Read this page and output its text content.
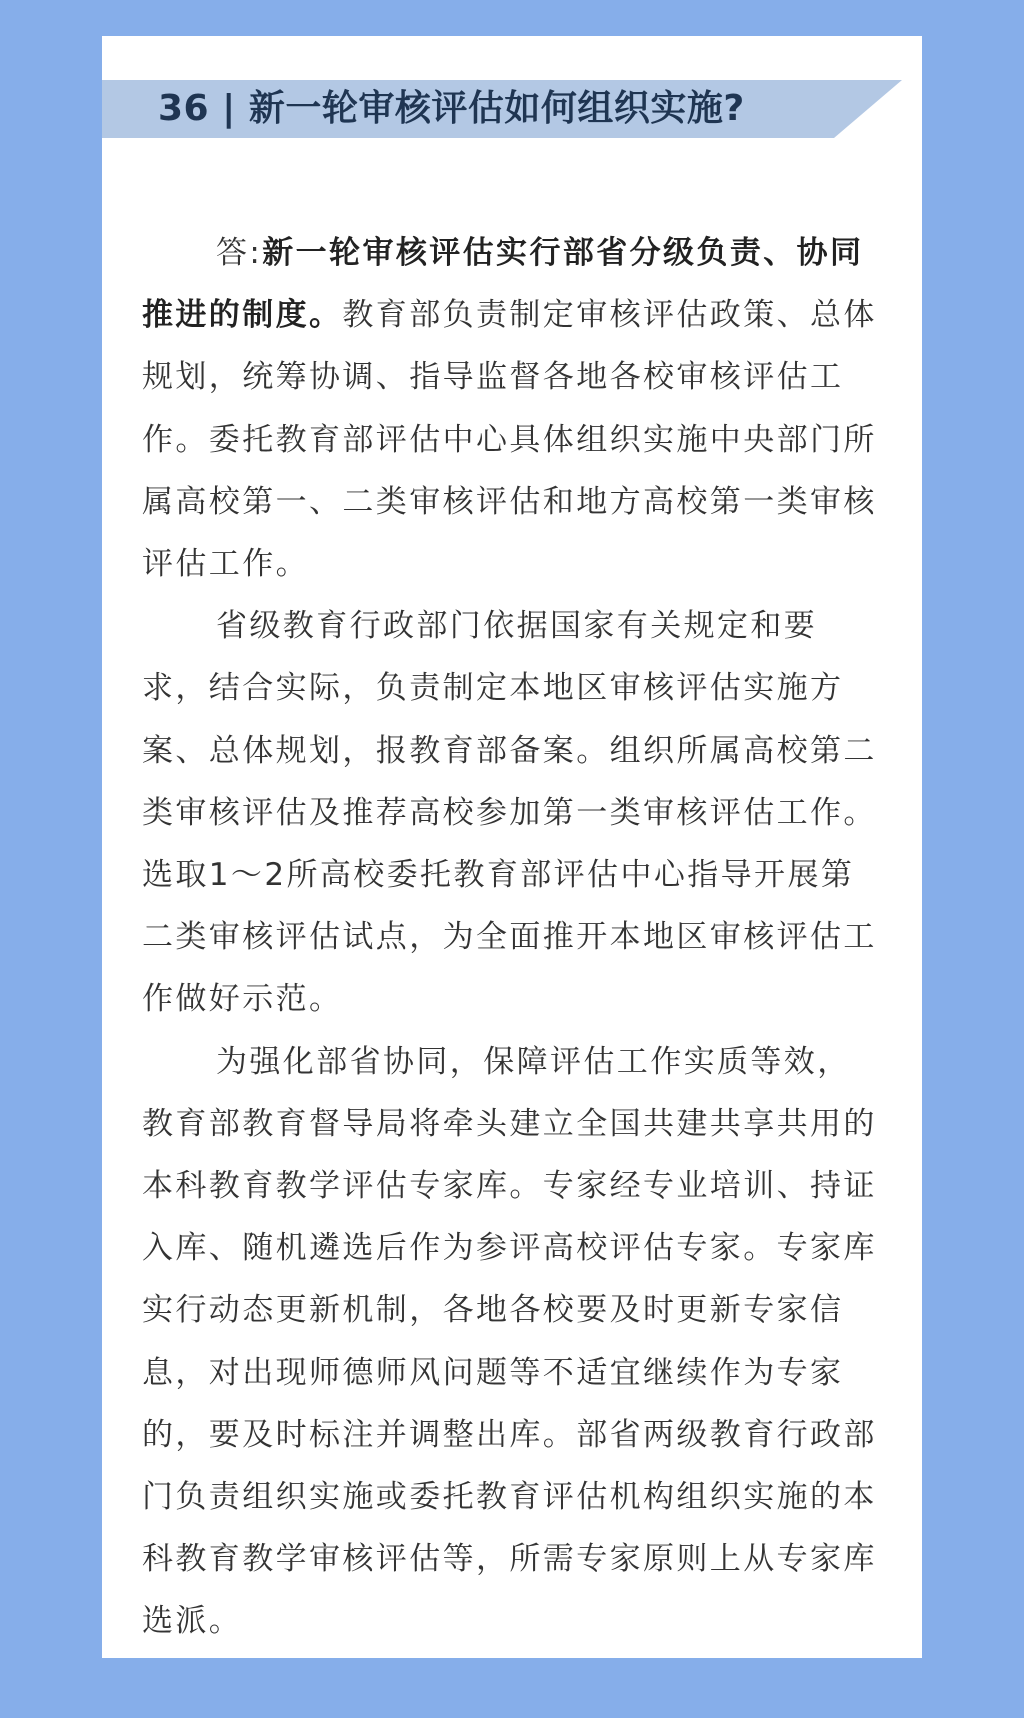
36 | 新一轮审核评估如何组织实施?

答:新一轮审核评估实行部省分级负责、协同推进的制度。教育部负责制定审核评估政策、总体规划，统筹协调、指导监督各地各校审核评估工作。委托教育部评估中心具体组织实施中央部门所属高校第一、二类审核评估和地方高校第一类审核评估工作。

省级教育行政部门依据国家有关规定和要求，结合实际，负责制定本地区审核评估实施方案、总体规划，报教育部备案。组织所属高校第二类审核评估及推荐高校参加第一类审核评估工作。选取1～2所高校委托教育部评估中心指导开展第二类审核评估试点，为全面推开本地区审核评估工作做好示范。

为强化部省协同，保障评估工作实质等效，教育部教育督导局将牵头建立全国共建共享共用的本科教育教学评估专家库。专家经专业培训、持证入库、随机遴选后作为参评高校评估专家。专家库实行动态更新机制，各地各校要及时更新专家信息，对出现师德师风问题等不适宜继续作为专家的，要及时标注并调整出库。部省两级教育行政部门负责组织实施或委托教育评估机构组织实施的本科教育教学审核评估等，所需专家原则上从专家库选派。
